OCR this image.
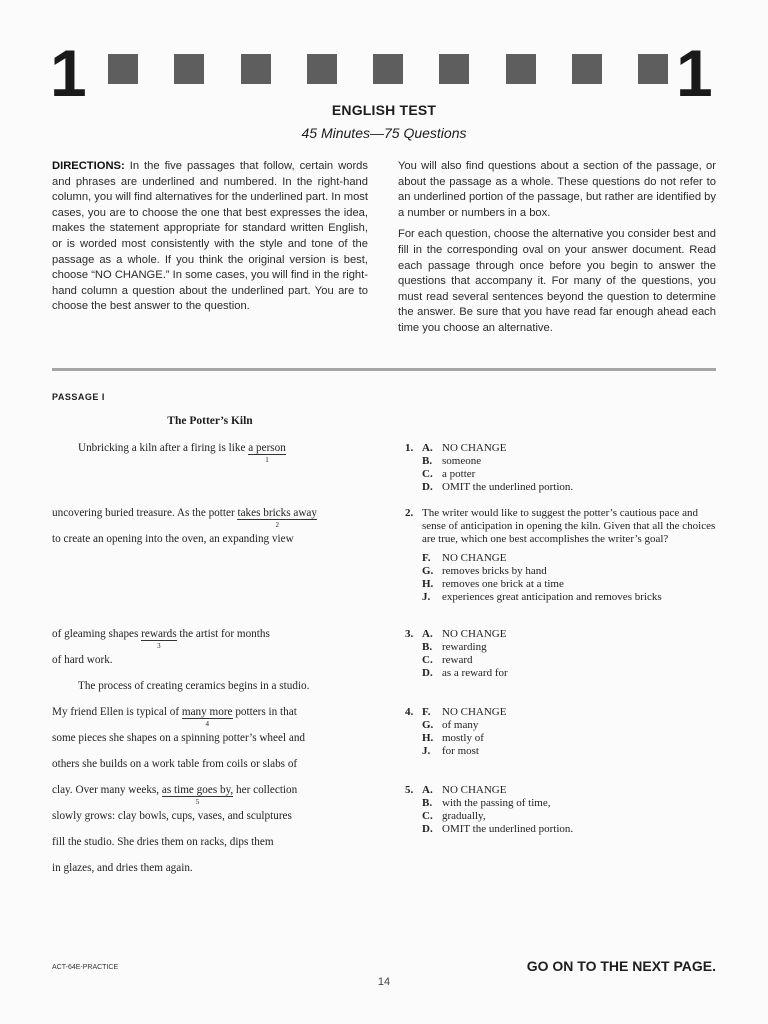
1	1
ENGLISH TEST
45 Minutes—75 Questions

DIRECTIONS: In the five passages that follow, certain words and phrases are underlined and numbered. In the right-hand column, you will find alternatives for the underlined part. In most cases, you are to choose the one that best expresses the idea, makes the statement appropriate for standard written English, or is worded most consistently with the style and tone of the passage as a whole. If you think the original version is best, choose “NO CHANGE.” In some cases, you will find in the right-hand column a question about the underlined part. You are to choose the best answer to the question.

You will also find questions about a section of the passage, or about the passage as a whole. These questions do not refer to an underlined portion of the passage, but rather are identified by a number or numbers in a box.

For each question, choose the alternative you consider best and fill in the corresponding oval on your answer document. Read each passage through once before you begin to answer the questions that accompany it. For many of the questions, you must read several sentences beyond the question to determine the answer. Be sure that you have read far enough ahead each time you choose an alternative.

PASSAGE I
The Potter’s Kiln
Unbricking a kiln after a firing is like a person
1
uncovering buried treasure. As the potter takes bricks away
2
to create an opening into the oven, an expanding view
of gleaming shapes rewards
3
the artist for months
of hard work.
The process of creating ceramics begins in a studio.
My friend Ellen is typical of many more
4
potters in that
some pieces she shapes on a spinning potter’s wheel and
others she builds on a work table from coils or slabs of
clay. Over many weeks, as time goes by,
5
her collection
slowly grows: clay bowls, cups, vases, and sculptures
fill the studio. She dries them on racks, dips them
in glazes, and dries them again.
1. A. NO CHANGE
B. someone
C. a potter
D. OMIT the underlined portion.
2. The writer would like to suggest the potter’s cautious pace and sense of anticipation in opening the kiln. Given that all the choices are true, which one best accomplishes the writer’s goal?
F.	NO CHANGE
G. removes bricks by hand
H. removes one brick at a time
J.	experiences great anticipation and removes bricks
3. A. NO CHANGE
B. rewarding
C. reward
D. as a reward for
4. F.	NO CHANGE
G. of many
H. mostly of
J.	for most
5. A. NO CHANGE
B. with the passing of time,
C. gradually,
D. OMIT the underlined portion.
ACT-64E-PRACTICE	GO ON TO THE NEXT PAGE.
14
